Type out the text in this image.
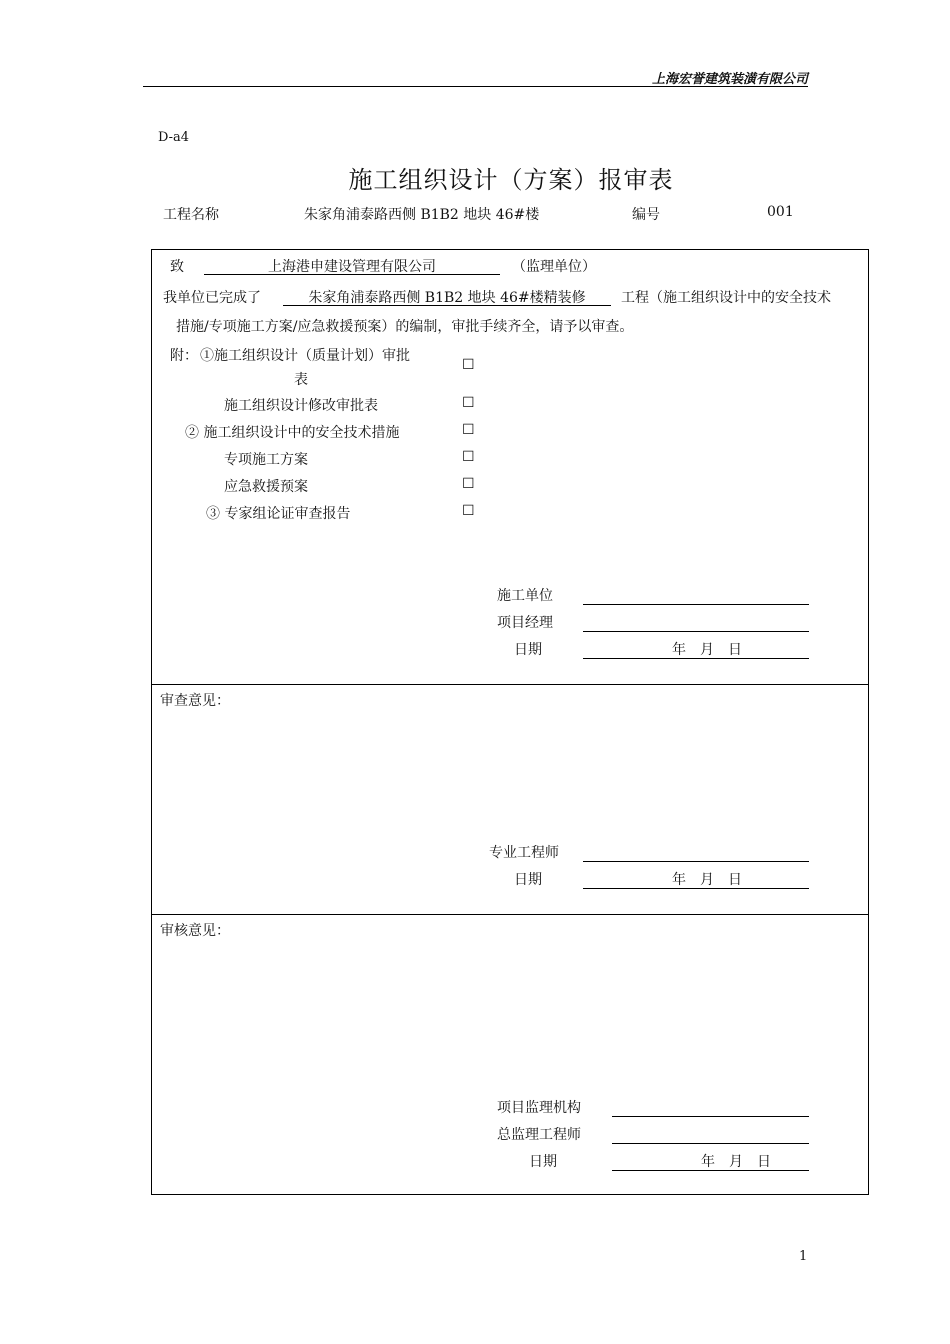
上海宏誉建筑装潢有限公司
D-a4
施工组织设计（方案）报审表
工程名称	朱家角浦泰路西侧 B1B2 地块 46#楼	编号	001
致	上海港申建设管理有限公司	（监理单位）
我单位已完成了	朱家角浦泰路西侧 B1B2 地块 46#楼精装修	工程（施工组织设计中的安全技术
措施/专项施工方案/应急救援预案）的编制，审批手续齐全，请予以审查。
附： ①施工组织设计（质量计划）审批
表
☐
施工组织设计修改审批表	☐
② 施工组织设计中的安全技术措施	☐
专项施工方案	☐
应急救援预案	☐
③ 专家组论证审查报告	☐
施工单位
项目经理
日期	年　月　日
审查意见：
专业工程师
日期	年　月　日
审核意见：
项目监理机构
总监理工程师
日期	年　月　日
1
